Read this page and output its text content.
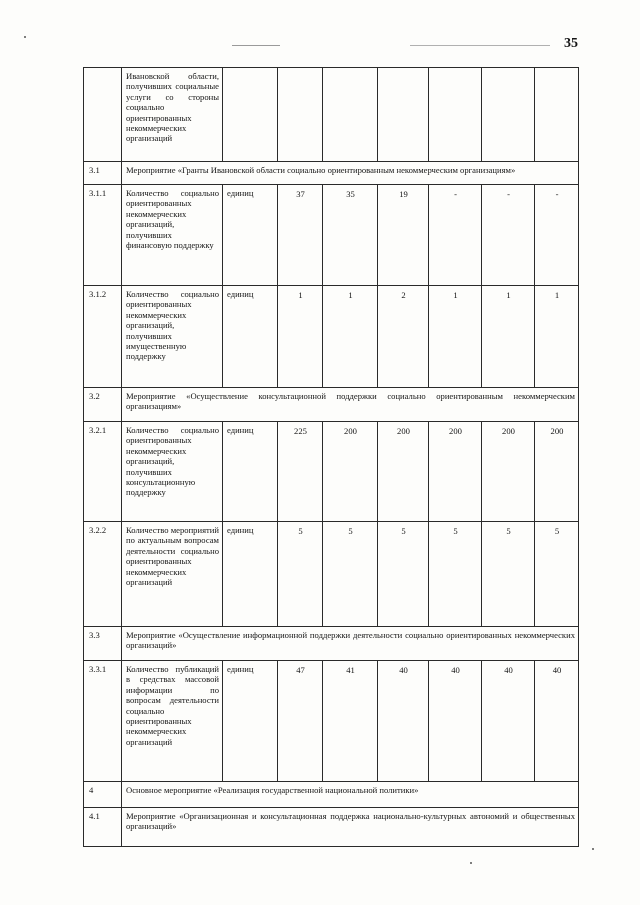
35
	Ивановской области, получивших социальные услуги со стороны социально ориентированных некоммерческих организаций							
3.1	Мероприятие «Гранты Ивановской области социально ориентированным некоммерческим организациям»							
3.1.1	Количество социально ориентированных некоммерческих организаций, получивших финансовую поддержку	единиц	37	35	19	-	-	-
3.1.2	Количество социально ориентированных некоммерческих организаций, получивших имущественную поддержку	единиц	1	1	2	1	1	1
3.2	Мероприятие «Осуществление консультационной поддержки социально ориентированным некоммерческим организациям»							
3.2.1	Количество социально ориентированных некоммерческих организаций, получивших консультационную поддержку	единиц	225	200	200	200	200	200
3.2.2	Количество мероприятий по актуальным вопросам деятельности социально ориентированных некоммерческих организаций	единиц	5	5	5	5	5	5
3.3	Мероприятие «Осуществление информационной поддержки деятельности социально ориентированных некоммерческих организаций»							
3.3.1	Количество публикаций в средствах массовой информации по вопросам деятельности социально ориентированных некоммерческих организаций	единиц	47	41	40	40	40	40
4	Основное мероприятие «Реализация государственной национальной политики»							
4.1	Мероприятие «Организационная и консультационная поддержка национально-культурных автономий и общественных организаций»							
